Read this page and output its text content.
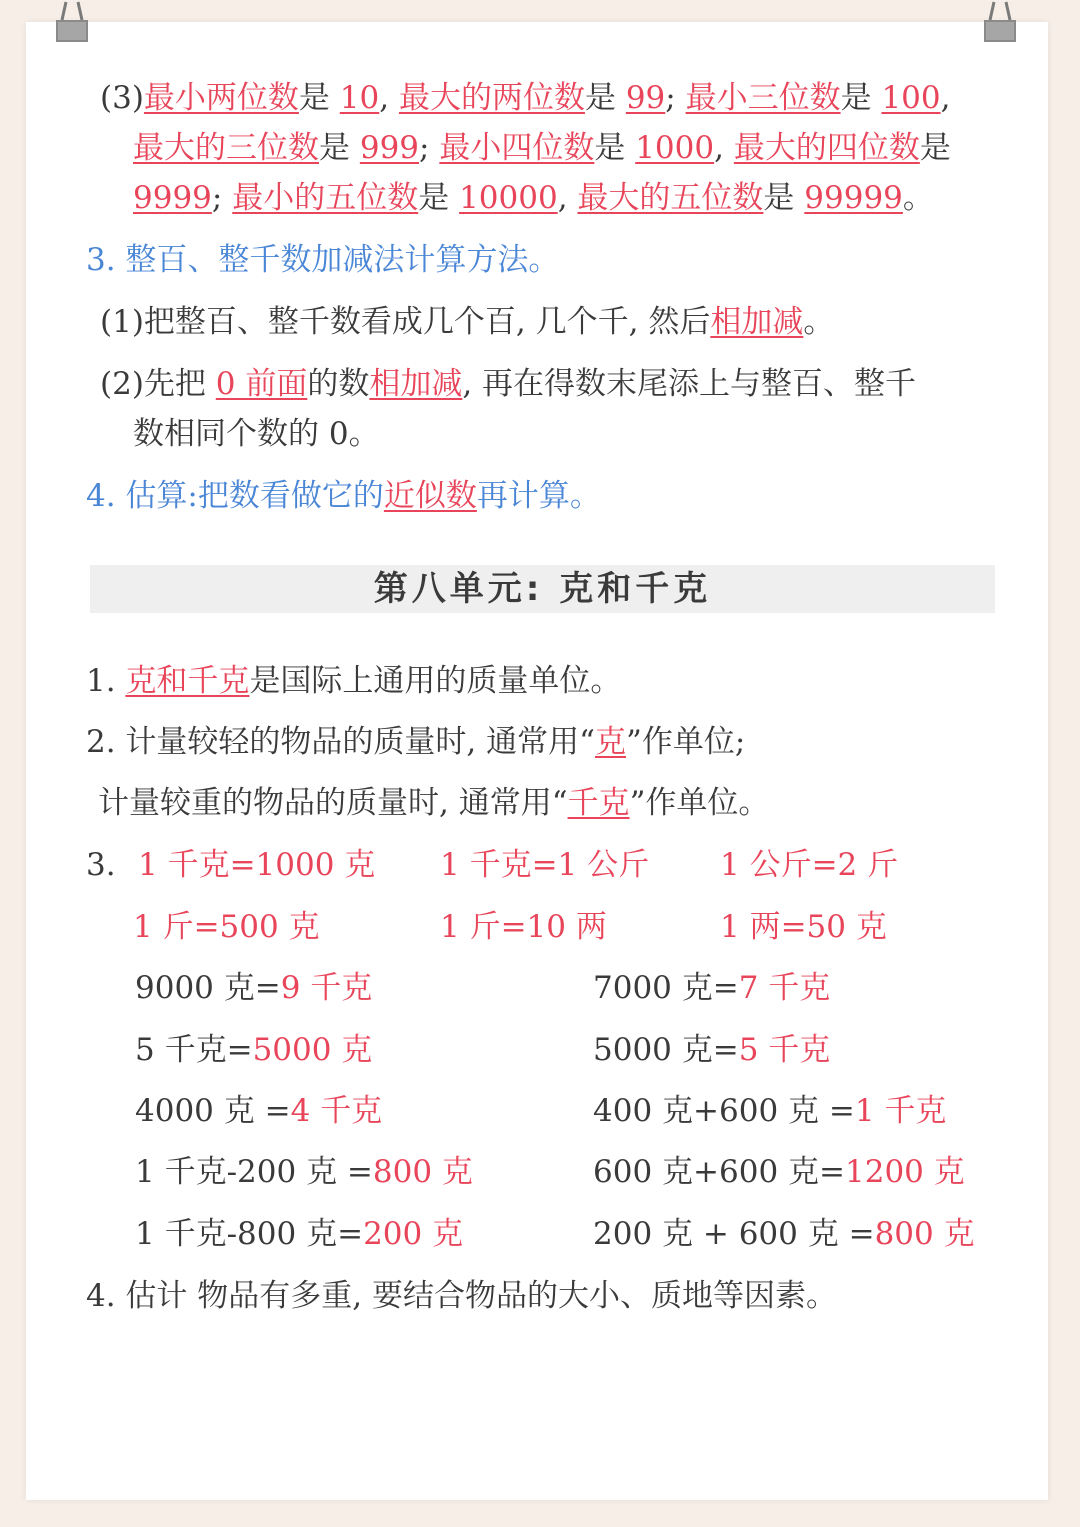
(3)最小两位数是 10, 最大的两位数是 99; 最小三位数是 100,
最大的三位数是 999; 最小四位数是 1000, 最大的四位数是
9999; 最小的五位数是 10000, 最大的五位数是 99999。
3. 整百、整千数加减法计算方法。
(1)把整百、整千数看成几个百, 几个千, 然后相加减。
(2)先把 0 前面的数相加减, 再在得数末尾添上与整百、整千
数相同个数的 0。
4. 估算:把数看做它的近似数再计算。
第八单元: 克和千克
1. 克和千克是国际上通用的质量单位。
2. 计量较轻的物品的质量时, 通常用“克”作单位;
计量较重的物品的质量时, 通常用“千克”作单位。
3. 1 千克=1000 克 1 千克=1 公斤 1 公斤=2 斤
1 斤=500 克	1 斤=10 两	1 两=50 克
9000 克=9 千克	7000 克=7 千克
5 千克=5000 克	5000 克=5 千克
4000 克 =4 千克	400 克+600 克 =1 千克
1 千克-200 克 =800 克	600 克+600 克=1200 克
1 千克-800 克=200 克	200 克 + 600 克 =800 克
4. 估计 物品有多重, 要结合物品的大小、质地等因素。
